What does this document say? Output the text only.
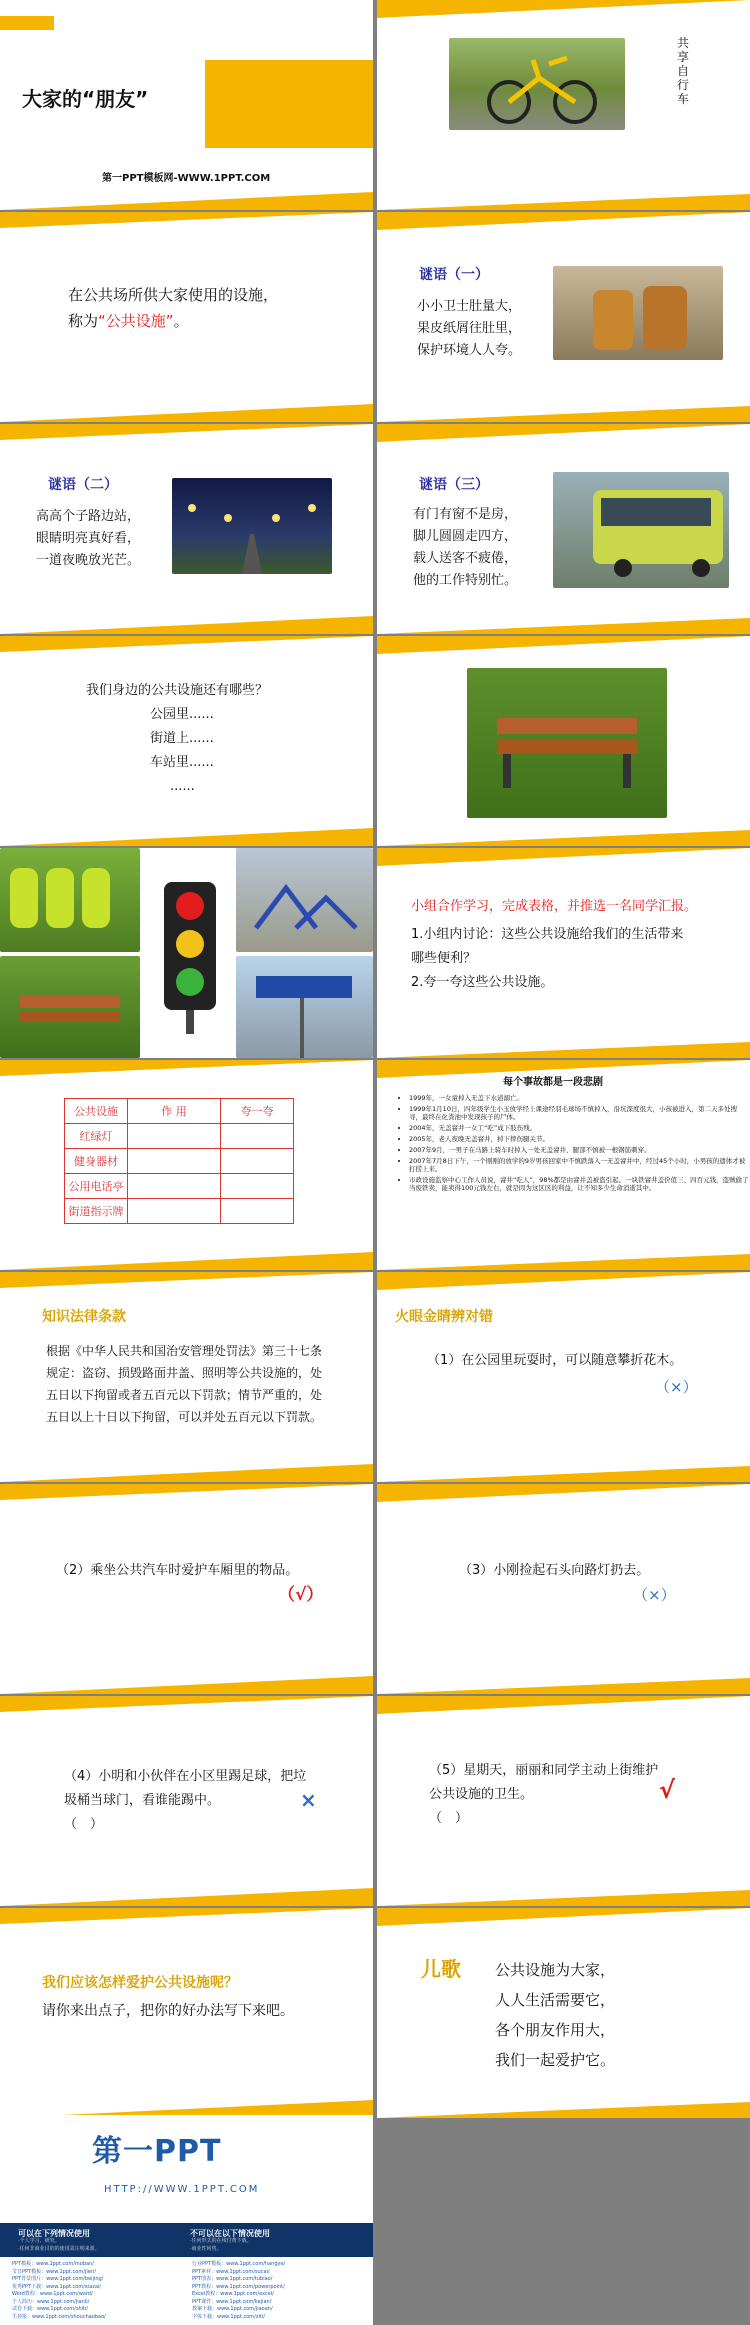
大家的“朋友”
第一PPT模板网-WWW.1PPT.COM
共享自行车
在公共场所供大家使用的设施，
称为“公共设施”。
谜语（一）
小小卫士肚量大，
果皮纸屑往肚里，
保护环境人人夸。
谜语（二）
高高个子路边站，
眼睛明亮真好看，
一道夜晚放光芒。
谜语（三）
有门有窗不是房，
脚儿圆圆走四方，
载人送客不疲倦，
他的工作特别忙。
我们身边的公共设施还有哪些？
公园里......
街道上......
车站里......
......
小组合作学习，完成表格，并推选一名同学汇报。
1.小组内讨论：这些公共设施给我们的生活带来
哪些便利？
2.夸一夸这些公共设施。
公共设施	作 用	夸一夸
红绿灯		
健身器材		
公用电话亭		
街道指示牌		
每个事故都是一段悲剧
• 1999年，一女童掉入无盖下水道溺亡。
• 1999年1月10日，四年级学生小玉放学经上课途经羽毛球场不慎掉入，沿坑深度很大，小孩被进入，第二天多处搜寻，最终在化粪池中发现孩子的尸体。
• 2004年，无盖窨井一女工“吃”成下肢伤残。
• 2005年，老人夜晚无盖窨井，掉下摔伤腿关节。
• 2007年9月，一男子在马路上骑车时掉入一处无盖窨井，腿部不慎被一根钢筋刺穿。
• 2007年7月8日下午，一个刚刚的放学的9岁男孩回家中不慎跌落入一无盖窨井中，经过45个小时，小男孩的遗体才被打捞上来。
• 市政设施监察中心工作人员说，窨井“吃人”，98%都是由窨井盖被盗引起。一块铁窨井盖价值三、四百元钱，盗贼偷了当废铁卖，能卖得100元钱左右，就是因为这区区的利益，让不知多少生命消逝其中。
知识法律条款
根据《中华人民共和国治安管理处罚法》第三十七条
规定：盗窃、损毁路面井盖、照明等公共设施的，处
五日以下拘留或者五百元以下罚款；情节严重的，处
五日以上十日以下拘留，可以并处五百元以下罚款。
火眼金睛辨对错
（1）在公园里玩耍时，可以随意攀折花木。
（×）
（2）乘坐公共汽车时爱护车厢里的物品。
（√）
（3）小刚捡起石头向路灯扔去。
（×）
（4）小明和小伙伴在小区里踢足球，把垃
圾桶当球门，看谁能踢中。
（　）
×
（5）星期天，丽丽和同学主动上街维护
公共设施的卫生。
（　）
√
我们应该怎样爱护公共设施呢？
请你来出点子，把你的好办法写下来吧。
儿歌 公共设施为大家，
人人生活需要它，
各个朋友作用大，
我们一起爱护它。
第一PPT
HTTP://WWW.1PPT.COM
可以在下列情况使用	不可以在以下情况使用
·个人学习、研究。
·任何非商业目的的使用需注明来源。
·任何形式的在线付费下载。
·商业性转售。
PPT模板：www.1ppt.com/moban/
节日PPT模板：www.1ppt.com/jieri/
PPT背景图片：www.1ppt.com/beijing/
优秀PPT下载：www.1ppt.com/xiazai/
Word教程：www.1ppt.com/word/
个人简历：www.1ppt.com/jianli/
试卷下载：www.1ppt.com/shiti/
手抄报：www.1ppt.com/shouchaobao/
行业PPT模板：www.1ppt.com/hangye/
PPT素材：www.1ppt.com/sucai/
PPT图表：www.1ppt.com/tubiao/
PPT教程：www.1ppt.com/powerpoint/
Excel教程：www.1ppt.com/excel/
PPT课件：www.1ppt.com/kejian/
教案下载：www.1ppt.com/jiaoan/
字体下载：www.1ppt.com/ziti/
